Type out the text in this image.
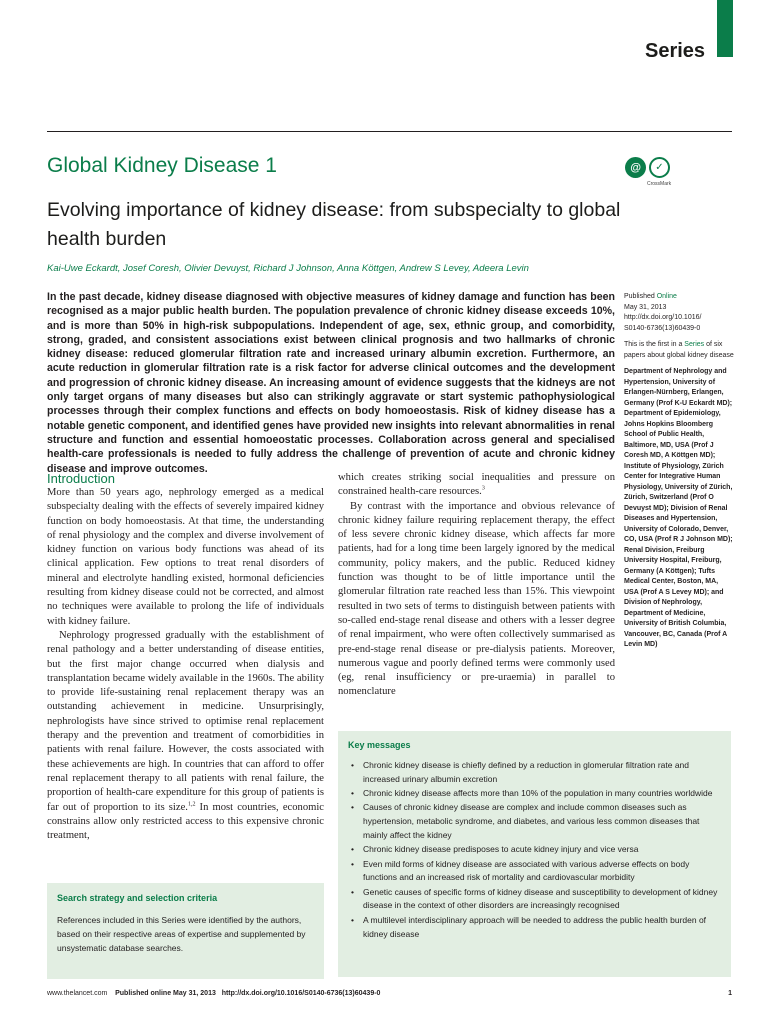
Series
Global Kidney Disease 1
Evolving importance of kidney disease: from subspecialty to global health burden
Kai-Uwe Eckardt, Josef Coresh, Olivier Devuyst, Richard J Johnson, Anna Köttgen, Andrew S Levey, Adeera Levin
@	✓
CrossMark
In the past decade, kidney disease diagnosed with objective measures of kidney damage and function has been recognised as a major public health burden. The population prevalence of chronic kidney disease exceeds 10%, and is more than 50% in high-risk subpopulations. Independent of age, sex, ethnic group, and comorbidity, strong, graded, and consistent associations exist between clinical prognosis and two hallmarks of chronic kidney disease: reduced glomerular filtration rate and increased urinary albumin excretion. Furthermore, an acute reduction in glomerular filtration rate is a risk factor for adverse clinical outcomes and the development and progression of chronic kidney disease. An increasing amount of evidence suggests that the kidneys are not only target organs of many diseases but also can strikingly aggravate or start systemic pathophysiological processes through their complex functions and effects on body homoeostasis. Risk of kidney disease has a notable genetic component, and identified genes have provided new insights into relevant abnormalities in renal structure and function and essential homoeostatic processes. Collaboration across general and specialised health-care professionals is needed to fully address the challenge of prevention of acute and chronic kidney disease and improve outcomes.

Published Online
May 31, 2013
http://dx.doi.org/10.1016/
S0140-6736(13)60439-0

This is the first in a Series of six papers about global kidney disease

Department of Nephrology and Hypertension, University of Erlangen-Nürnberg, Erlangen, Germany (Prof K-U Eckardt MD); Department of Epidemiology, Johns Hopkins Bloomberg School of Public Health, Baltimore, MD, USA (Prof J Coresh MD, A Köttgen MD); Institute of Physiology, Zürich Center for Integrative Human Physiology, University of Zürich, Zürich, Switzerland (Prof O Devuyst MD); Division of Renal Diseases and Hypertension, University of Colorado, Denver, CO, USA (Prof R J Johnson MD); Renal Division, Freiburg University Hospital, Freiburg, Germany (A Köttgen); Tufts Medical Center, Boston, MA, USA (Prof A S Levey MD); and Division of Nephrology, Department of Medicine, University of British Columbia, Vancouver, BC, Canada (Prof A Levin MD)

Introduction

More than 50 years ago, nephrology emerged as a medical subspecialty dealing with the effects of severely impaired kidney function on body homoeostasis. At that time, the understanding of renal physiology and the complex and diverse involvement of kidney function on various body functions was ahead of its clinical application. Few options to treat renal disorders of mineral and electrolyte handling existed, hormonal deficiencies resulting from kidney disease could not be corrected, and almost no techniques were available to prolong the life of individuals with kidney failure.

Nephrology progressed gradually with the establishment of renal pathology and a better understanding of disease entities, but the first major change occurred when dialysis and transplantation became widely available in the 1960s. The ability to provide life-sustaining renal replacement therapy was an outstanding achievement in medicine. Unsurprisingly, nephrologists have since strived to optimise renal replacement therapy and the prevention and treatment of comorbidities in patients with renal failure. However, the costs associated with these achievements are high. In countries that can afford to offer renal replacement therapy to all patients with renal failure, the proportion of health-care expenditure for this group of patients is far out of proportion to its size.$^{1,2}$ In most countries, economic constrains allow only restricted access to this expensive chronic treatment,

which creates striking social inequalities and pressure on constrained health-care resources.$^3$

By contrast with the importance and obvious relevance of chronic kidney failure requiring replacement therapy, the effect of less severe chronic kidney disease, which affects far more patients, had for a long time been largely ignored by the medical community, policy makers, and the public. Reduced kidney function was thought to be of little importance until the glomerular filtration rate reached less than 15%. This viewpoint resulted in two sets of terms to distinguish between patients with so-called end-stage renal disease and others with a lesser degree of renal impairment, who were often collectively summarised as pre-end-stage renal disease or pre-dialysis patients. Moreover, numerous vague and poorly defined terms were commonly used (eg, renal insufficiency or pre-uraemia) in parallel to nomenclature

Search strategy and selection criteria
References included in this Series were identified by the authors, based on their respective areas of expertise and supplemented by unsystematic database searches.
Key messages
• Chronic kidney disease is chiefly defined by a reduction in glomerular filtration rate and increased urinary albumin excretion
• Chronic kidney disease affects more than 10% of the population in many countries worldwide
• Causes of chronic kidney disease are complex and include common diseases such as hypertension, metabolic syndrome, and diabetes, and various less common diseases that mainly affect the kidney
• Chronic kidney disease predisposes to acute kidney injury and vice versa
• Even mild forms of kidney disease are associated with various adverse effects on body functions and an increased risk of mortality and cardiovascular morbidity
• Genetic causes of specific forms of kidney disease and susceptibility to development of kidney disease in the context of other disorders are increasingly recognised
• A multilevel interdisciplinary approach will be needed to address the public health burden of kidney disease
www.thelancet.com Published online May 31, 2013 http://dx.doi.org/10.1016/S0140-6736(13)60439-0	1
